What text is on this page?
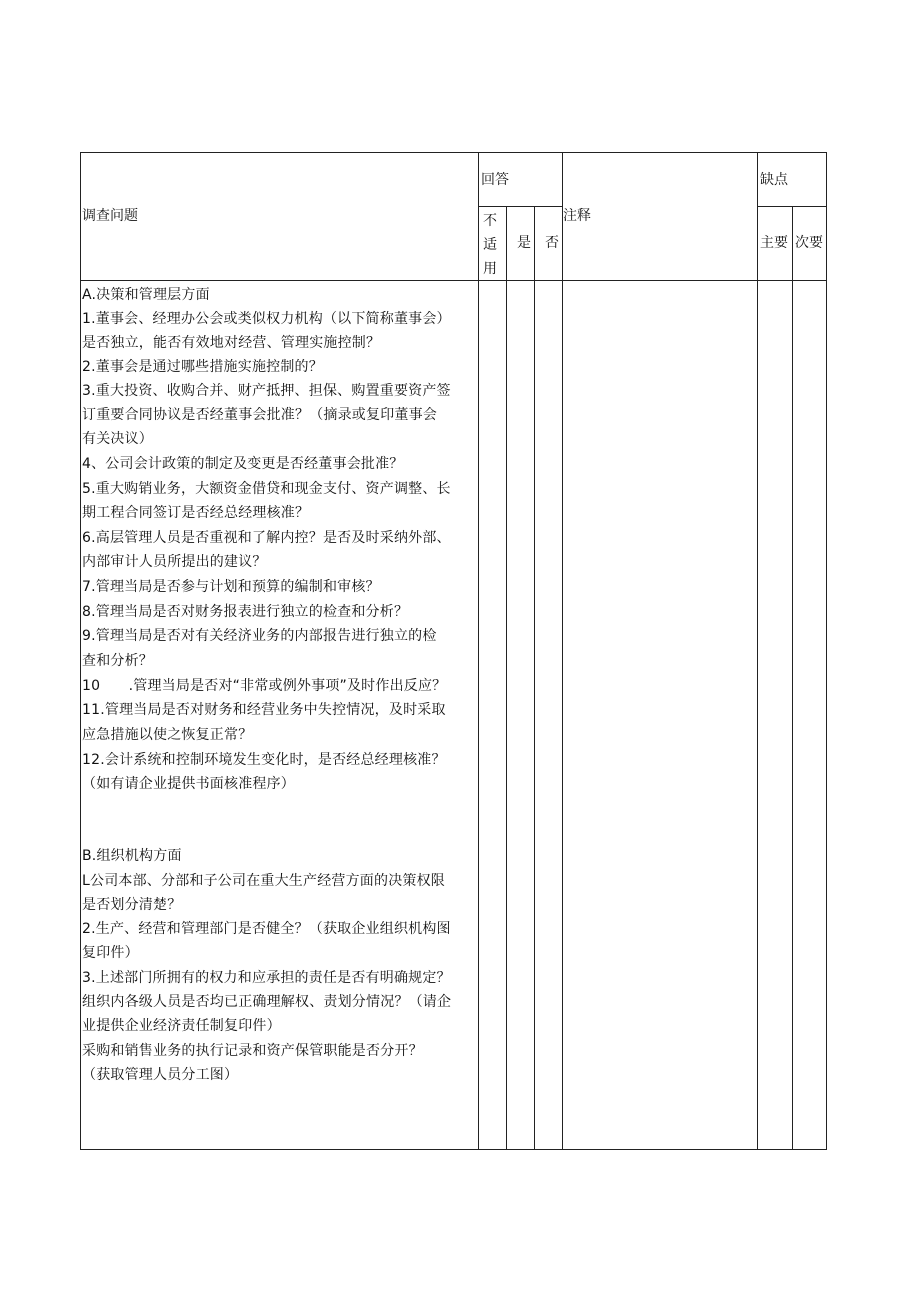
调查问题
回答
不
适
用
是 否
注释
缺点
主要 次要
A.决策和管理层方面
1.董事会、经理办公会或类似权力机构（以下简称董事会）
是否独立，能否有效地对经营、管理实施控制？
2.董事会是通过哪些措施实施控制的？
3.重大投资、收购合并、财产抵押、担保、购置重要资产签
订重要合同协议是否经董事会批准？（摘录或复印董事会
有关决议）
4、公司会计政策的制定及变更是否经董事会批准？
5.重大购销业务，大额资金借贷和现金支付、资产调整、长
期工程合同签订是否经总经理核准？
6.高层管理人员是否重视和了解内控？是否及时采纳外部、
内部审计人员所提出的建议？
7.管理当局是否参与计划和预算的编制和审核？
8.管理当局是否对财务报表进行独立的检查和分析？
9.管理当局是否对有关经济业务的内部报告进行独立的检
查和分析？
10　　.管理当局是否对“非常或例外事项”及时作出反应？
11.管理当局是否对财务和经营业务中失控情况，及时采取
应急措施以使之恢复正常？
12.会计系统和控制环境发生变化时，是否经总经理核准？
（如有请企业提供书面核准程序）
B.组织机构方面
L公司本部、分部和子公司在重大生产经营方面的决策权限
是否划分清楚？
2.生产、经营和管理部门是否健全？（获取企业组织机构图
复印件）
3.上述部门所拥有的权力和应承担的责任是否有明确规定？
组织内各级人员是否均已正确理解权、责划分情况？（请企
业提供企业经济责任制复印件）
采购和销售业务的执行记录和资产保管职能是否分开？
（获取管理人员分工图）
